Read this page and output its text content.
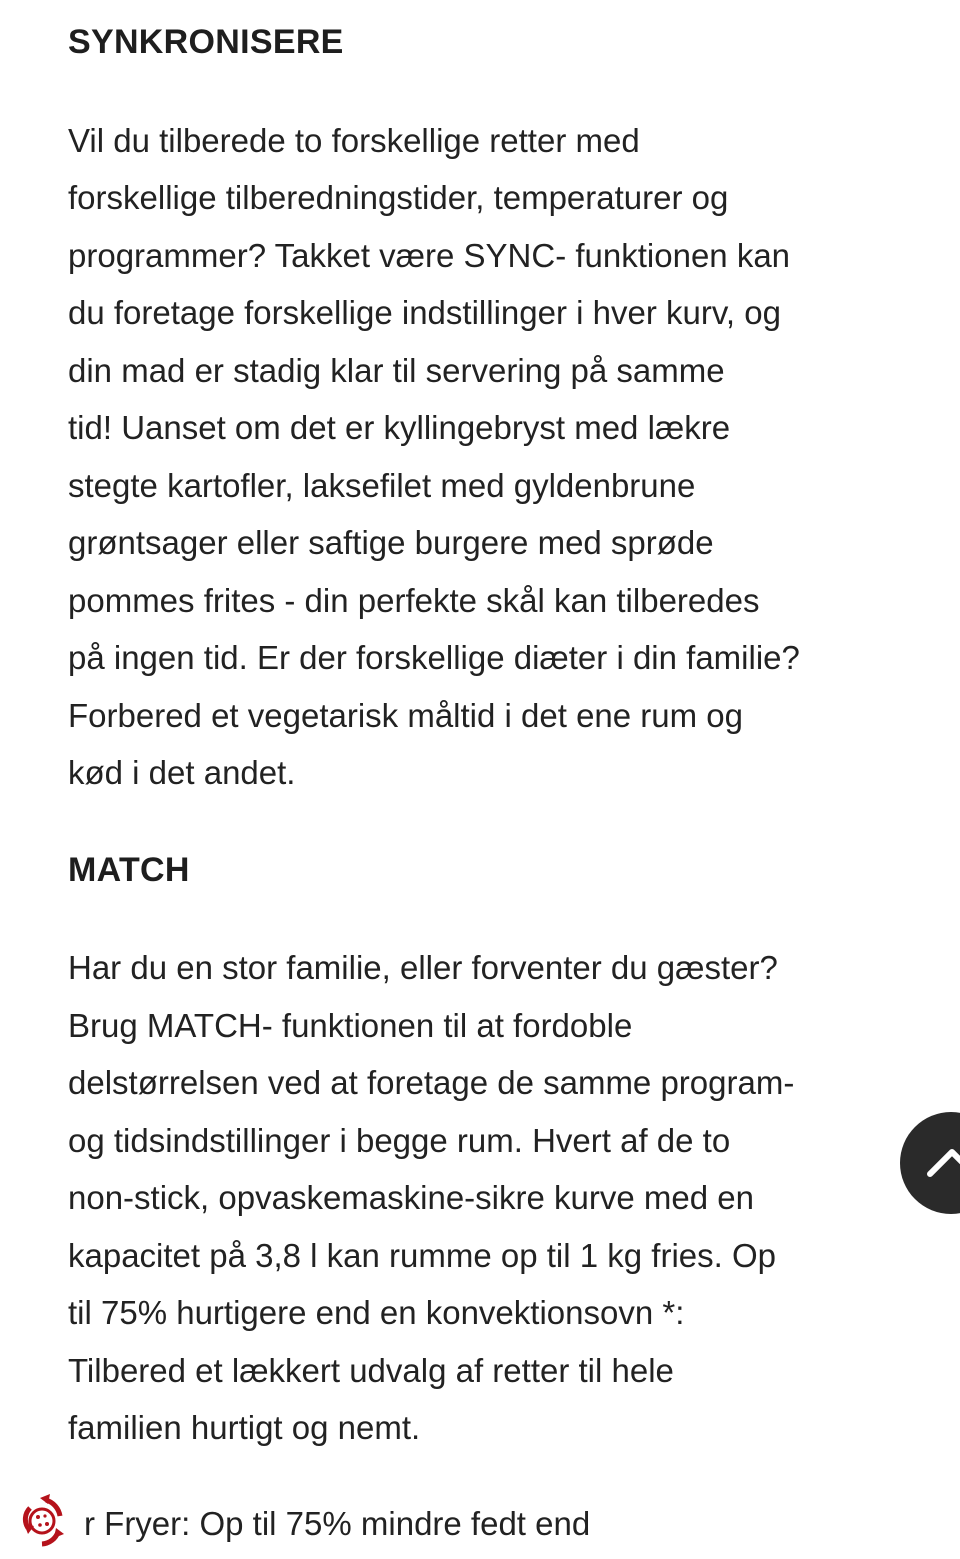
SYNKRONISERE
Vil du tilberede to forskellige retter med
forskellige tilberedningstider, temperaturer og
programmer? Takket være SYNC- funktionen kan
du foretage forskellige indstillinger i hver kurv, og
din mad er stadig klar til servering på samme
tid! Uanset om det er kyllingebryst med lækre
stegte kartofler, laksefilet med gyldenbrune
grøntsager eller saftige burgere med sprøde
pommes frites - din perfekte skål kan tilberedes
på ingen tid. Er der forskellige diæter i din familie?
Forbered et vegetarisk måltid i det ene rum og
kød i det andet.
MATCH
Har du en stor familie, eller forventer du gæster?
Brug MATCH- funktionen til at fordoble
delstørrelsen ved at foretage de samme program-
og tidsindstillinger i begge rum. Hvert af de to
non-stick, opvaskemaskine-sikre kurve med en
kapacitet på 3,8 l kan rumme op til 1 kg fries. Op
til 75% hurtigere end en konvektionsovn *:
Tilbered et lækkert udvalg af retter til hele
familien hurtigt og nemt.
r Fryer: Op til 75% mindre fedt end
